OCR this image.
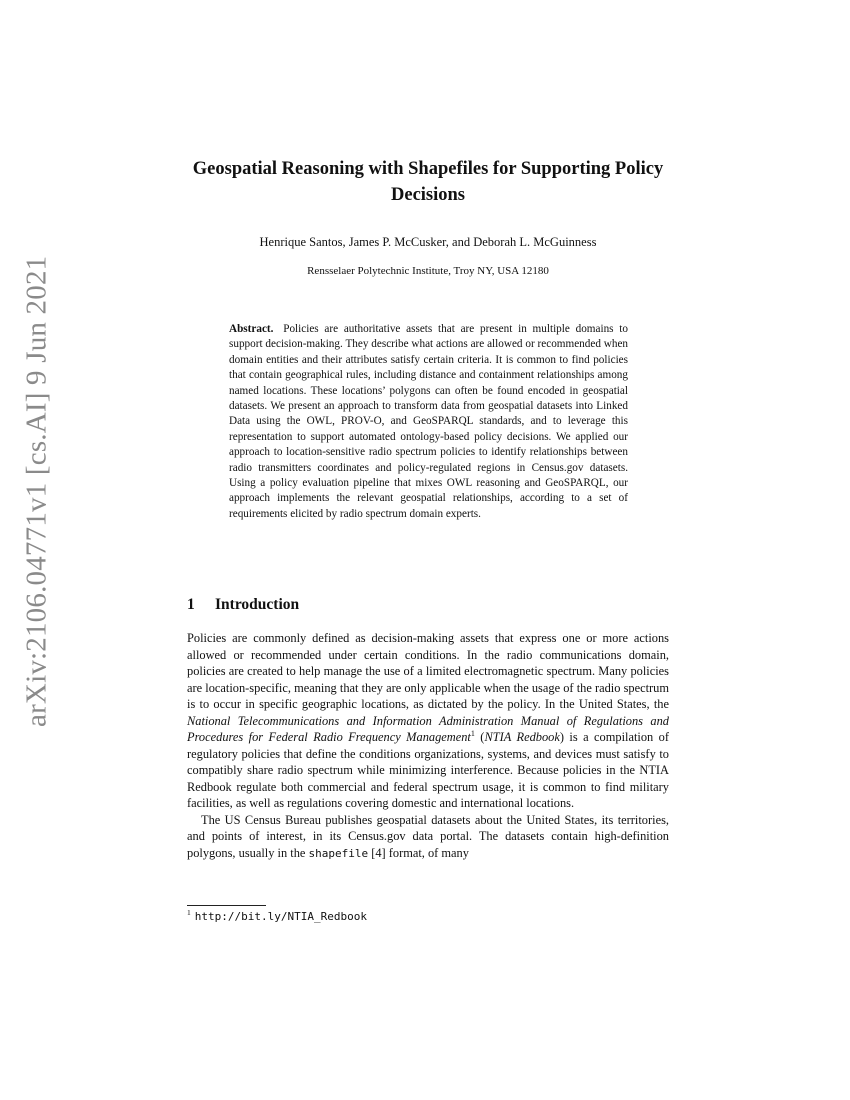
arXiv:2106.04771v1 [cs.AI] 9 Jun 2021
Geospatial Reasoning with Shapefiles for Supporting Policy Decisions
Henrique Santos, James P. McCusker, and Deborah L. McGuinness
Rensselaer Polytechnic Institute, Troy NY, USA 12180
Abstract. Policies are authoritative assets that are present in multiple domains to support decision-making. They describe what actions are allowed or recommended when domain entities and their attributes satisfy certain criteria. It is common to find policies that contain geographical rules, including distance and containment relationships among named locations. These locations’ polygons can often be found encoded in geospatial datasets. We present an approach to transform data from geospatial datasets into Linked Data using the OWL, PROV-O, and GeoSPARQL standards, and to leverage this representation to support automated ontology-based policy decisions. We applied our approach to location-sensitive radio spectrum policies to identify relationships between radio transmitters coordinates and policy-regulated regions in Census.gov datasets. Using a policy evaluation pipeline that mixes OWL reasoning and GeoSPARQL, our approach implements the relevant geospatial relationships, according to a set of requirements elicited by radio spectrum domain experts.
1 Introduction

Policies are commonly defined as decision-making assets that express one or more actions allowed or recommended under certain conditions. In the radio communications domain, policies are created to help manage the use of a limited electromagnetic spectrum. Many policies are location-specific, meaning that they are only applicable when the usage of the radio spectrum is to occur in specific geographic locations, as dictated by the policy. In the United States, the National Telecommunications and Information Administration Manual of Regulations and Procedures for Federal Radio Frequency Management$^1$ (NTIA Redbook) is a compilation of regulatory policies that define the conditions organizations, systems, and devices must satisfy to compatibly share radio spectrum while minimizing interference. Because policies in the NTIA Redbook regulate both commercial and federal spectrum usage, it is common to find military facilities, as well as regulations covering domestic and international locations.

The US Census Bureau publishes geospatial datasets about the United States, its territories, and points of interest, in its Census.gov data portal. The datasets contain high-definition polygons, usually in the shapefile [4] format, of many

$^1$ http://bit.ly/NTIA_Redbook
